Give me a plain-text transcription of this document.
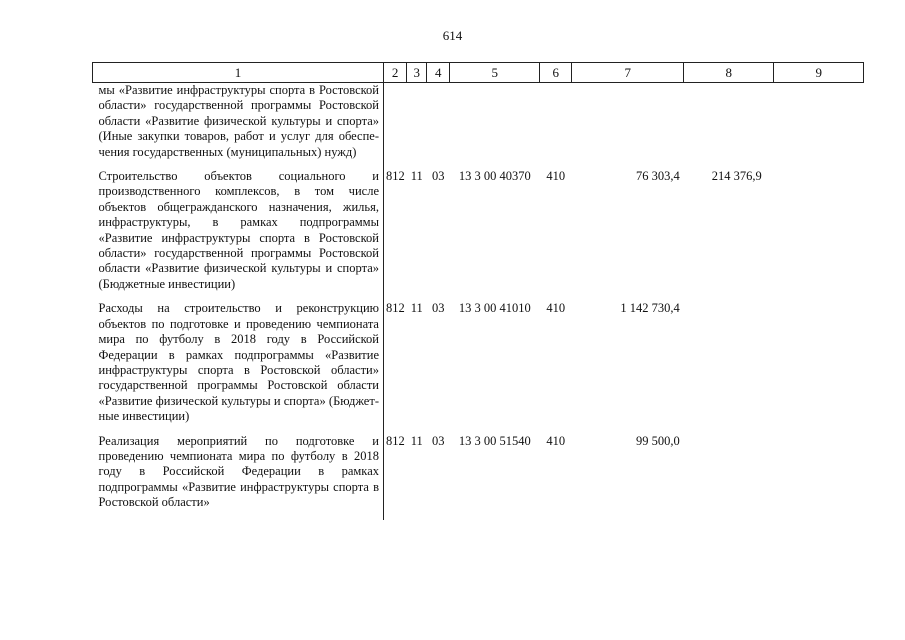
614
1	2	3	4	5	6	7	8	9
мы «Развитие инфраструктуры спорта в Ростовской области» государственной программы Ростовской области «Развитие физической культуры и спорта» (Иные закупки товаров, работ и услуг для обеспечения государственных (муниципальных) нужд)								
Строительство объектов социального и производственного комплексов, в том числе объектов общегражданского назначения, жилья, инфраструктуры, в рамках подпрограммы «Развитие инфраструктуры спорта в Ростовской области» государственной программы Ростовской области «Развитие физической культуры и спорта» (Бюджетные инвестиции)	812	11	03	13 3 00 40370	410	76 303,4	214 376,9	
Расходы на строительство и реконструкцию объектов по подготовке и проведению чемпионата мира по футболу в 2018 году в Российской Федерации в рамках подпрограммы «Развитие инфраструктуры спорта в Ростовской области» государственной программы Ростовской области «Развитие физической культуры и спорта» (Бюджетные инвестиции)	812	11	03	13 3 00 41010	410	1 142 730,4		
Реализация мероприятий по подготовке и проведению чемпионата мира по футболу в 2018 году в Российской Федерации в рамках подпрограммы «Развитие инфраструктуры спорта в Ростовской области»	812	11	03	13 3 00 51540	410	99 500,0		
